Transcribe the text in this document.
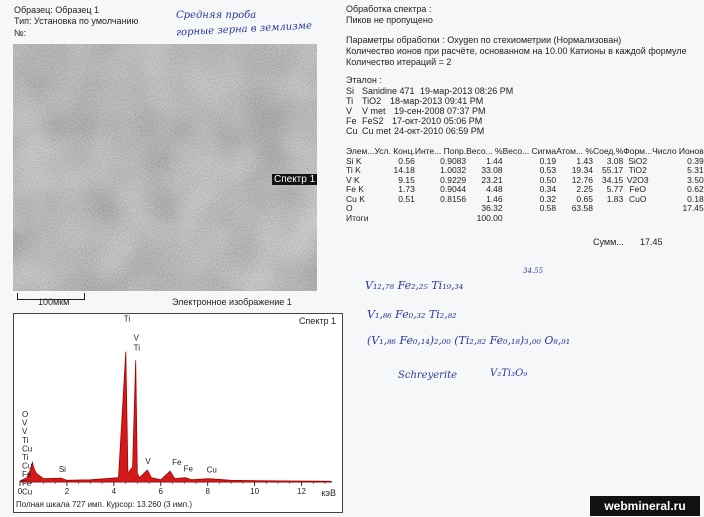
Образец: Образец 1
Тип: Установка по умолчанию
№:
Средняя проба
горные зерна в землизме
Спектр 1
100мкм	Электронное изображение 1
0	2	4	6	8	10	12
O
V
V
Ti
Cu
Ti
Cu
Fe
Fe
Cu
Ti
V
Ti
V	Fe
Fe Cu
Si
Спектр 1
кэВ
Полная шкала 727 имп. Курсор: 13.260 (3 имп.)
Обработка спектра :
Пиков не пропущено
Параметры обработки : Oxygen по стехиометрии (Нормализован)
Количество ионов при расчёте, основанном на 10.00 Катионы в каждой формуле
Количество итераций = 2
Эталон :
Si Sanidine 471 19-мар-2013 08:26 PM
Ti TiO2 18-мар-2013 09:41 PM
V V met 19-сен-2008 07:37 PM
Fe FeS2 17-окт-2010 05:06 PM
Cu Cu met 24-окт-2010 06:59 PM
Элем...	Усл. Конц.	Инте... Попр.	Весо... %	Весо... Сигма	Атом... %	Соед.%	Форм...	Число Ионов
Si K	0.56	0.9083	1.44	0.19	1.43	3.08	SiO2	0.39
Ti K	14.18	1.0032	33.08	0.53	19.34	55.17	TiO2	5.31
V K	9.15	0.9229	23.21	0.50	12.76	34.15	V2O3	3.50
Fe K	1.73	0.9044	4.48	0.34	2.25	5.77	FeO	0.62
Cu K	0.51	0.8156	1.46	0.32	0.65	1.83	CuO	0.18
O			36.32	0.58	63.58			17.45
Итоги			100.00					
Сумм... 17.45
V₁₂,₇₈ Fe₂,₂₅ Ti₁₉,₃₄
34.55
V₁,₈₆ Fe₀,₃₂ Ti₂,₈₂
(V₁,₈₆ Fe₀,₁₄)₂,₀₀ (Ti₂,₈₂ Fe₀,₁₈)₃,₀₀ O₈,₉₁
Schreyerite	V₂Ti₃O₉
webmineral.ru
